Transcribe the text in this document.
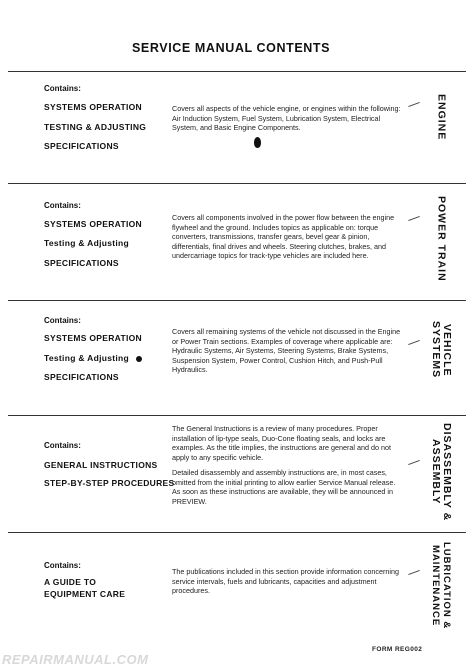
SERVICE MANUAL CONTENTS
Contains:
SYSTEMS OPERATION
TESTING & ADJUSTING
SPECIFICATIONS

Covers all aspects of the vehicle engine, or engines within the following: Air Induction System, Fuel System, Lubrication System, Electrical System, and Basic Engine Components.	ENGINE
Contains:
SYSTEMS OPERATION
Testing & Adjusting
SPECIFICATIONS

Covers all components involved in the power flow between the engine flywheel and the ground. Includes topics as applicable on: torque converters, transmissions, transfer gears, bevel gear & pinion, differentials, final drives and wheels. Steering clutches, brakes, and undercarriage topics for track-type vehicles are included here.	POWER TRAIN
Contains:
SYSTEMS OPERATION
Testing & Adjusting
SPECIFICATIONS

Covers all remaining systems of the vehicle not discussed in the Engine or Power Train sections. Examples of coverage where applicable are: Hydraulic Systems, Air Systems, Steering Systems, Brake Systems, Suspension System, Power Control, Cushion Hitch, and Push-Pull Hydraulics.	VEHICLE SYSTEMS
Contains:
GENERAL INSTRUCTIONS
STEP-BY-STEP PROCEDURES

The General Instructions is a review of many procedures. Proper installation of lip-type seals, Duo-Cone floating seals, and locks are examples. As the title implies, the instructions are general and do not apply to any specific vehicle.

Detailed disassembly and assembly instructions are, in most cases, omitted from the initial printing to allow earlier Service Manual release. As soon as these instructions are available, they will be announced in PREVIEW.	DISASSEMBLY & ASSEMBLY
Contains:
A GUIDE TO
EQUIPMENT CARE

The publications included in this section provide information concerning service intervals, fuels and lubricants, capacities and adjustment procedures.	LUBRICATION & MAINTENANCE
FORM REG002
REPAIRMANUAL.COM
